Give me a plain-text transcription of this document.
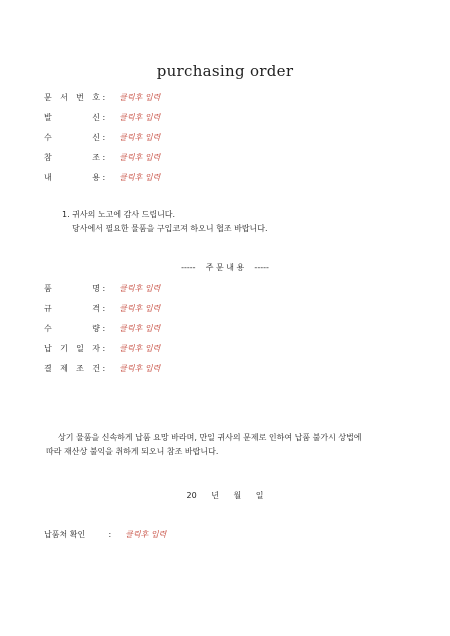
purchasing order
문 서 번 호 : 클릭후 입력
발	신 : 클릭후 입력
수	신 : 클릭후 입력
참	조 : 클릭후 입력
내	용 : 클릭후 입력
1. 귀사의 노고에 감사 드립니다.
당사에서 필요한 물품을 구입코져 하오니 협조 바랍니다.
-----    주 문 내 용    -----
품	명 : 클릭후 입력
규	격 : 클릭후 입력
수	량 : 클릭후 입력
납 기 일 자 : 클릭후 입력
결 제 조 건 : 클릭후 입력
상기 물품을 신속하게 납품 요망 바라며, 만일 귀사의 문제로 인하여 납품 불가시 상법에
따라 재산상 불익을 취하게 되오니 참조 바랍니다.
20 년 월 일
납품처 확인	: 클릭후 입력
